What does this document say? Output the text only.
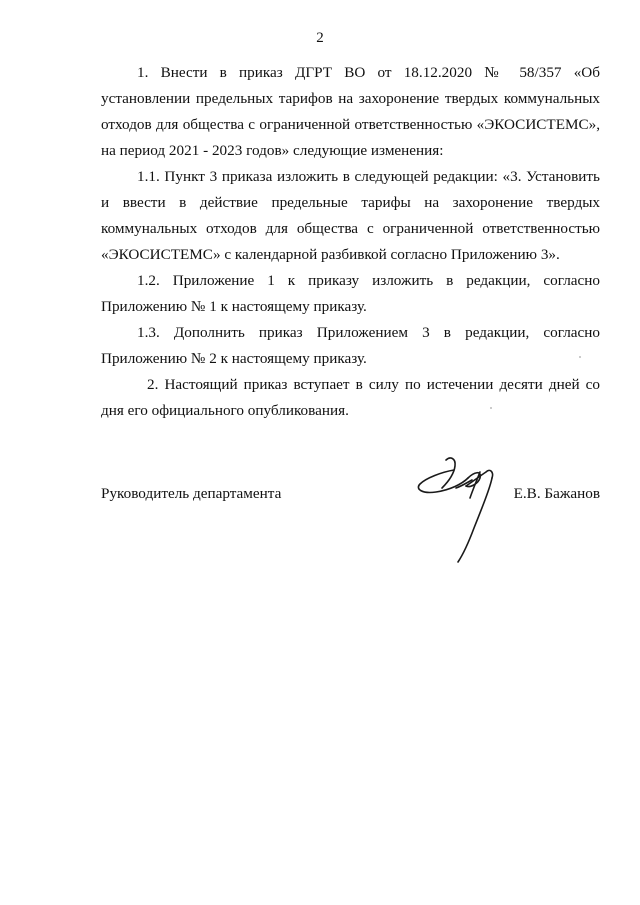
2

1. Внести в приказ ДГРТ ВО от 18.12.2020 № 58/357 «Об установлении предельных тарифов на захоронение твердых коммунальных отходов для общества с ограниченной ответственностью «ЭКОСИСТЕМС», на период 2021 - 2023 годов» следующие изменения:

1.1. Пункт 3 приказа изложить в следующей редакции: «3. Установить и ввести в действие предельные тарифы на захоронение твердых коммунальных отходов для общества с ограниченной ответственностью «ЭКОСИСТЕМС» с календарной разбивкой согласно Приложению 3».

1.2. Приложение 1 к приказу изложить в редакции, согласно Приложению № 1 к настоящему приказу.

1.3. Дополнить приказ Приложением 3 в редакции, согласно Приложению № 2 к настоящему приказу.

2. Настоящий приказ вступает в силу по истечении десяти дней со дня его официального опубликования.

Руководитель департамента	Е.В. Бажанов
